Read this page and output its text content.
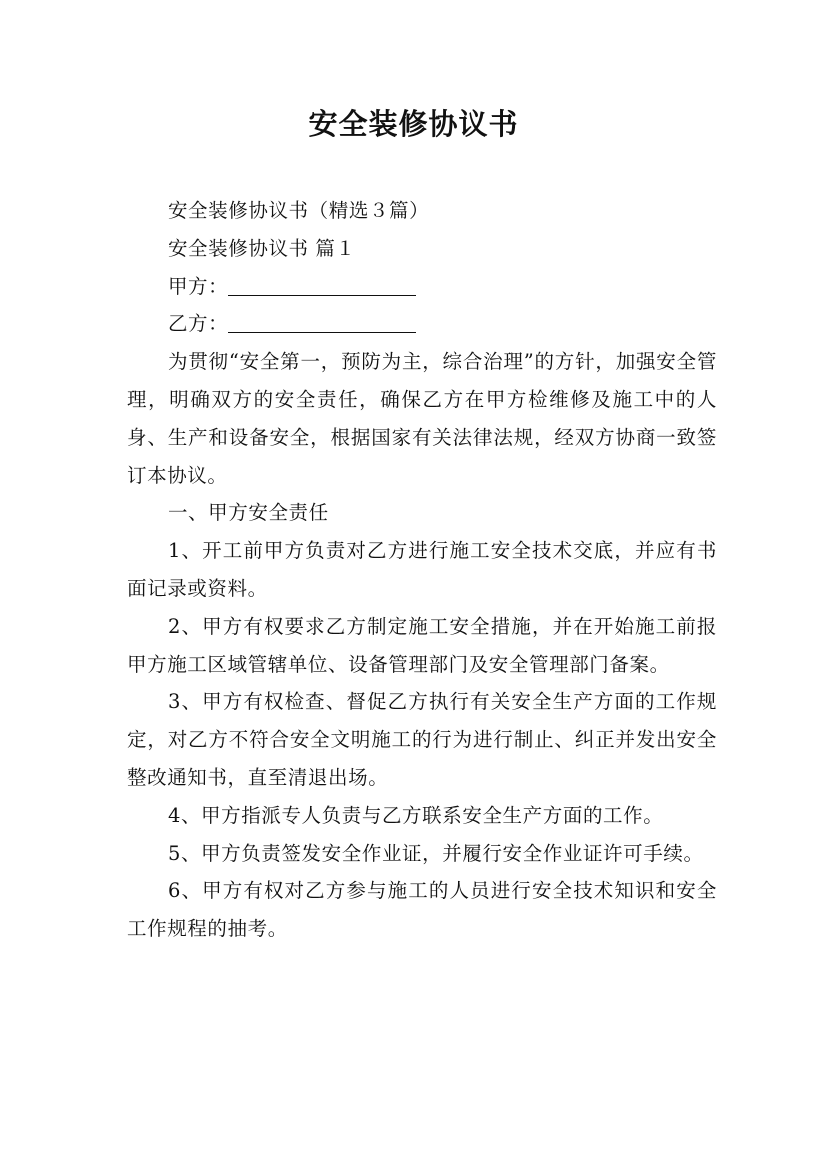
安全装修协议书

安全装修协议书（精选３篇）

安全装修协议书 篇１

甲方：

乙方：

为贯彻“安全第一，预防为主，综合治理”的方针，加强安全管理，明确双方的安全责任，确保乙方在甲方检维修及施工中的人身、生产和设备安全，根据国家有关法律法规，经双方协商一致签订本协议。

一、甲方安全责任

1、开工前甲方负责对乙方进行施工安全技术交底，并应有书面记录或资料。

2、甲方有权要求乙方制定施工安全措施，并在开始施工前报甲方施工区域管辖单位、设备管理部门及安全管理部门备案。

3、甲方有权检查、督促乙方执行有关安全生产方面的工作规定，对乙方不符合安全文明施工的行为进行制止、纠正并发出安全整改通知书，直至清退出场。

4、甲方指派专人负责与乙方联系安全生产方面的工作。

5、甲方负责签发安全作业证，并履行安全作业证许可手续。

6、甲方有权对乙方参与施工的人员进行安全技术知识和安全工作规程的抽考。
